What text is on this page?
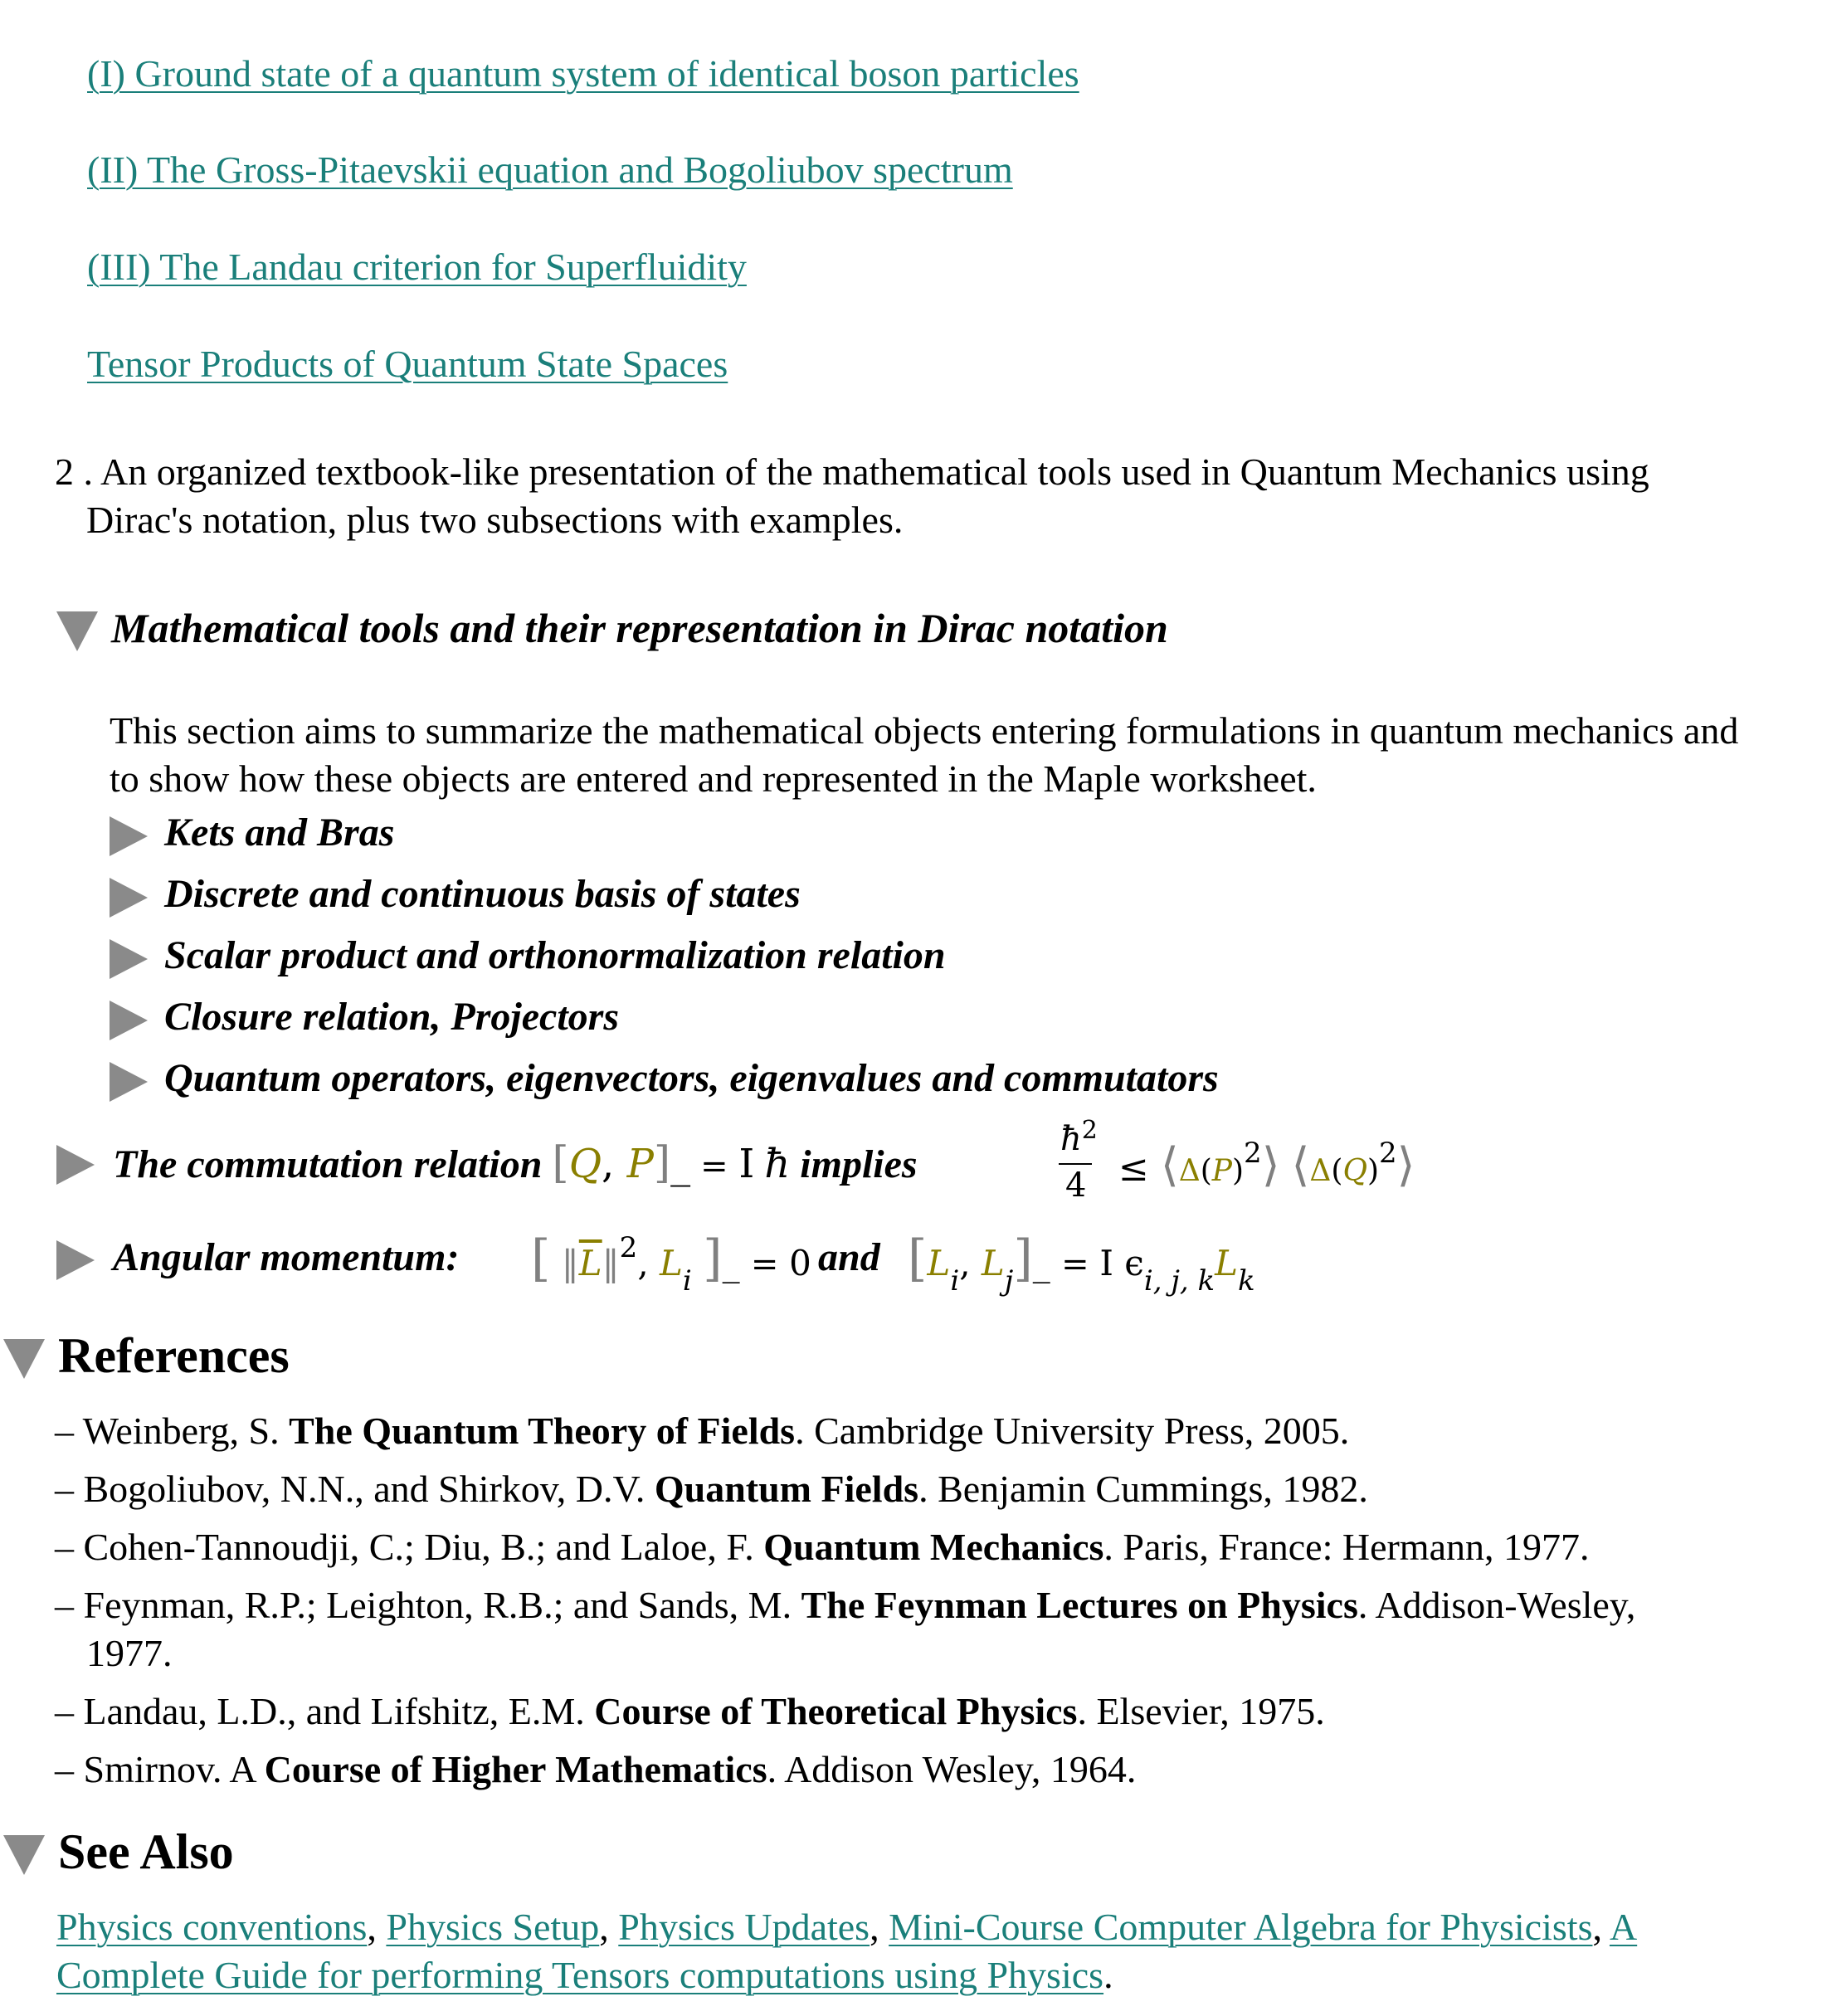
(I) Ground state of a quantum system of identical boson particles
(II) The Gross-Pitaevskii equation and Bogoliubov spectrum
(III) The Landau criterion for Superfluidity
Tensor Products of Quantum State Spaces
2 . An organized textbook-like presentation of the mathematical tools used in Quantum Mechanics using
Dirac's notation, plus two subsections with examples.
Mathematical tools and their representation in Dirac notation
This section aims to summarize the mathematical objects entering formulations in quantum mechanics and
to show how these objects are entered and represented in the Maple worksheet.
Kets and Bras
Discrete and continuous basis of states
Scalar product and orthonormalization relation
Closure relation, Projectors
Quantum operators, eigenvectors, eigenvalues and commutators
The commutation relation [Q, P]_ = I ħ implies
$ħ^2$
$4 \le ⟨\Delta(P)^2⟩$ $⟨\Delta(Q)^2⟩$
Angular momentum: [ $‖\overline{L}‖^2$, $L_i$ ]_ = 0 and [$L_i$, $L_j]\_ = I$ $\epsilon_{i, j, k}L_k$
References
– Weinberg, S. The Quantum Theory of Fields. Cambridge University Press, 2005.
– Bogoliubov, N.N., and Shirkov, D.V. Quantum Fields. Benjamin Cummings, 1982.
– Cohen-Tannoudji, C.; Diu, B.; and Laloe, F. Quantum Mechanics. Paris, France: Hermann, 1977.
– Feynman, R.P.; Leighton, R.B.; and Sands, M. The Feynman Lectures on Physics. Addison-Wesley,
1977.
– Landau, L.D., and Lifshitz, E.M. Course of Theoretical Physics. Elsevier, 1975.
– Smirnov. A Course of Higher Mathematics. Addison Wesley, 1964.
See Also
Physics conventions, Physics Setup, Physics Updates, Mini-Course Computer Algebra for Physicists, A
Complete Guide for performing Tensors computations using Physics.
